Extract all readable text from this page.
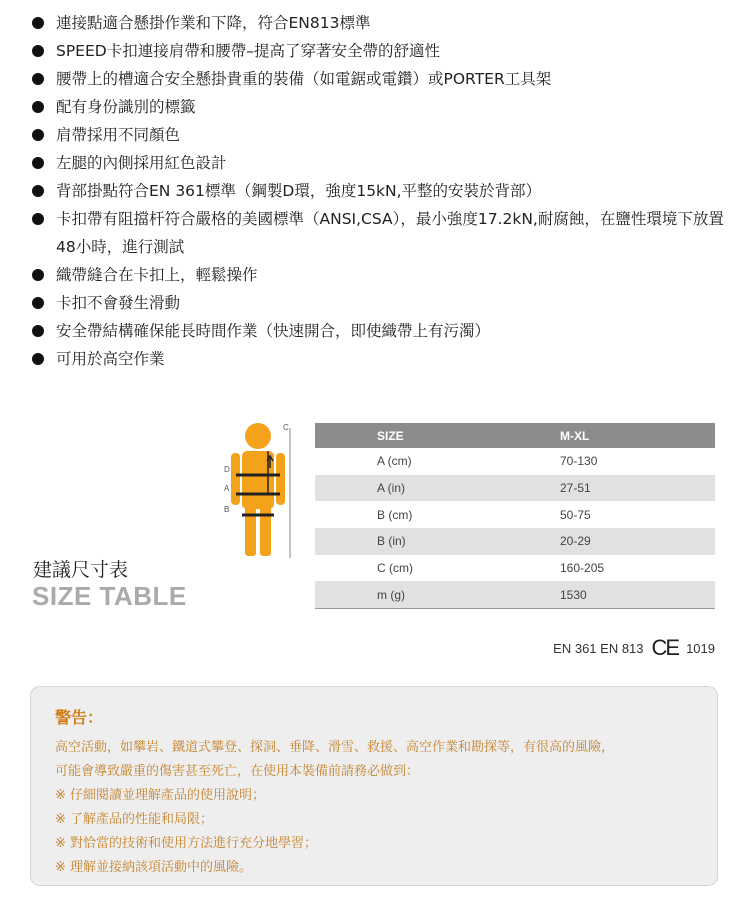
連接點適合懸掛作業和下降，符合EN813標準
SPEED卡扣連接肩帶和腰帶–提高了穿著安全帶的舒適性
腰帶上的槽適合安全懸掛貴重的裝備（如電鋸或電鑽）或PORTER工具架
配有身份識別的標籤
肩帶採用不同顏色
左腿的內側採用紅色設計
背部掛點符合EN 361標準（鋼製D環，強度15kN,平整的安裝於背部）
卡扣帶有阻擋杆符合嚴格的美國標準（ANSI,CSA），最小強度17.2kN,耐腐蝕，在鹽性環境下放置48小時，進行測試
織帶縫合在卡扣上，輕鬆操作
卡扣不會發生滑動
安全帶結構確保能長時間作業（快速開合，即使織帶上有污濁）
可用於高空作業
C
D
A
B
建議尺寸表
SIZE TABLE
SIZE	M-XL
A (cm)	70-130
A (in)	27-51
B (cm)	50-75
B (in)	20-29
C (cm)	160-205
m (g)	1530
EN 361 EN 813 CE 1019
警告：
高空活動，如攀岩、鐵道式攀登、探洞、垂降、滑雪、救援、高空作業和勘探等，有很高的風險，
可能會導致嚴重的傷害甚至死亡，在使用本裝備前請務必做到：
※ 仔細閱讀並理解產品的使用說明；
※ 了解產品的性能和局限；
※ 對恰當的技術和使用方法進行充分地學習；
※ 理解並接納該項活動中的風險。
